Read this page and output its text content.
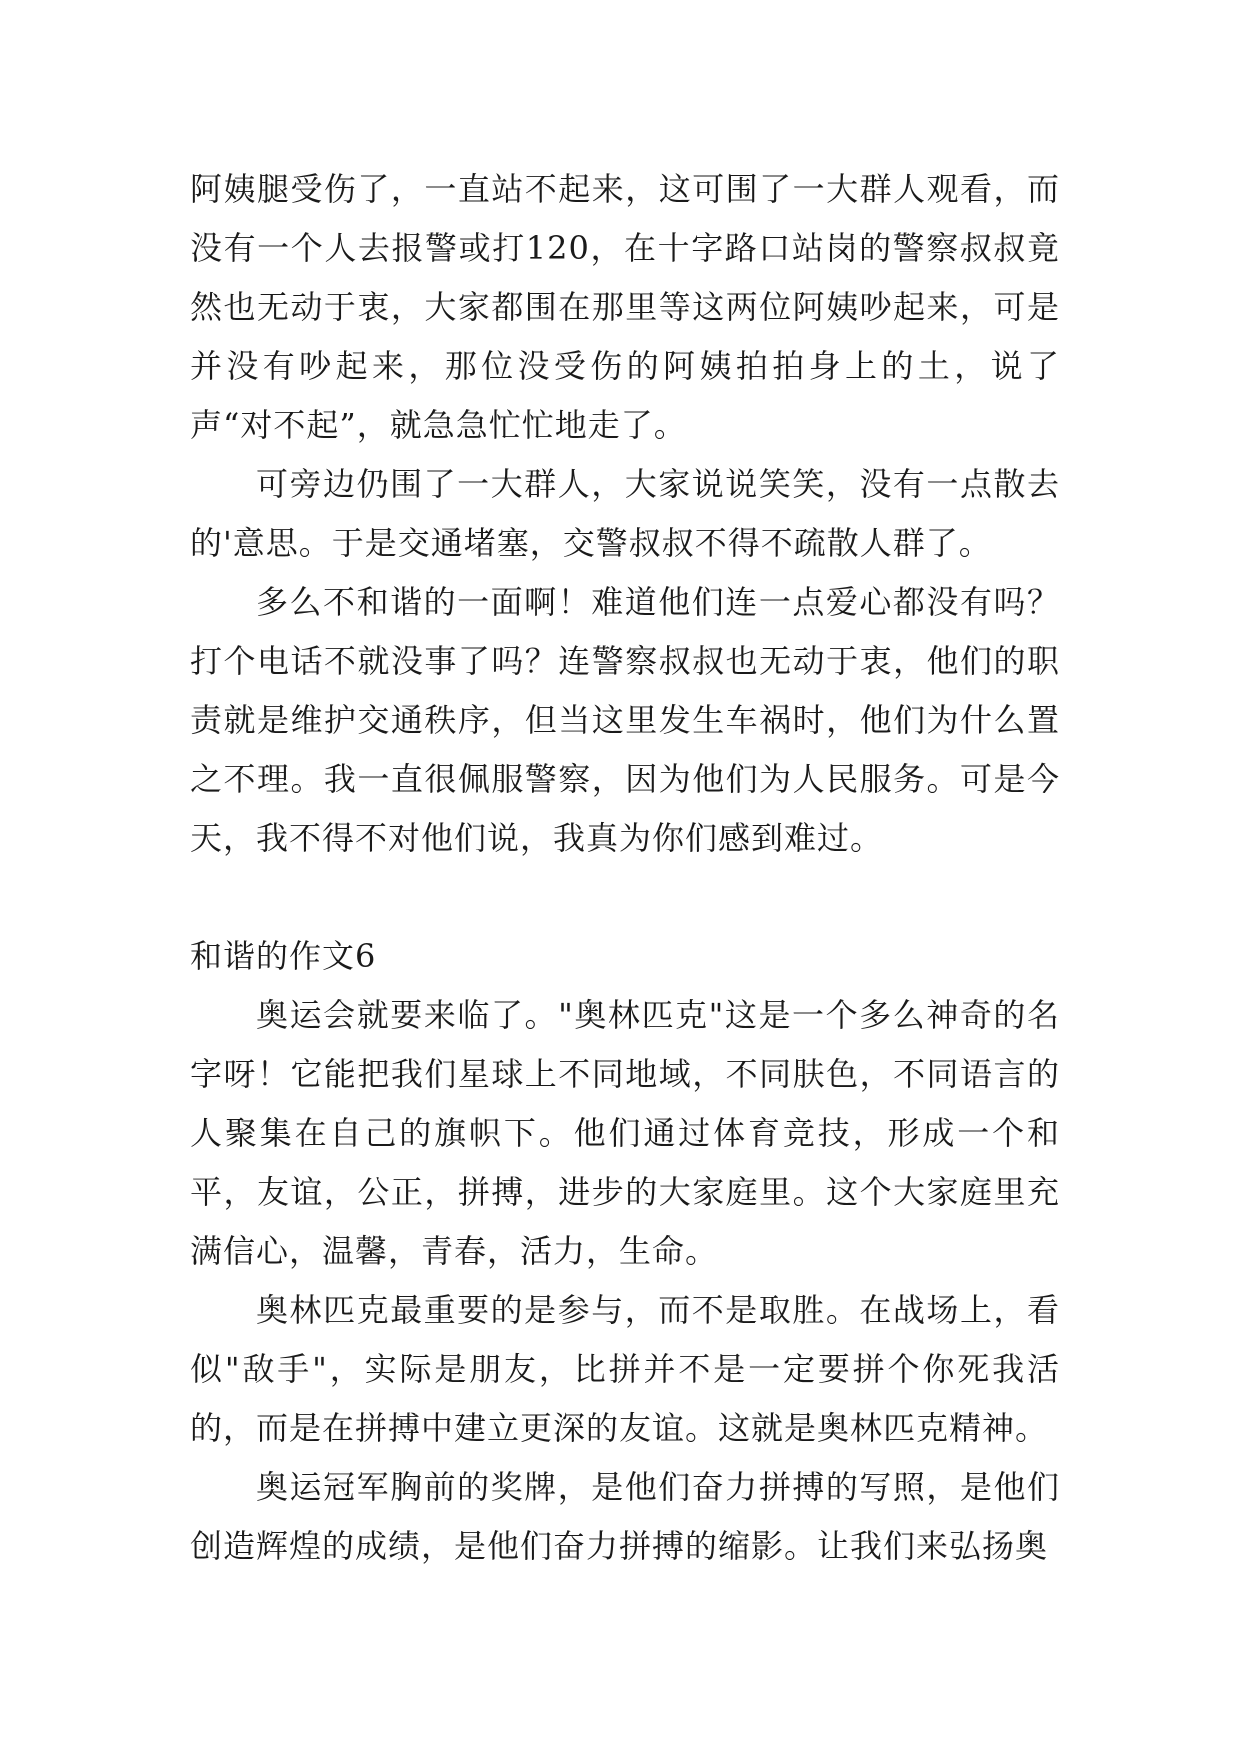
阿姨腿受伤了，一直站不起来，这可围了一大群人观看，而没有一个人去报警或打120，在十字路口站岗的警察叔叔竟然也无动于衷，大家都围在那里等这两位阿姨吵起来，可是并没有吵起来，那位没受伤的阿姨拍拍身上的土，说了声“对不起”，就急急忙忙地走了。

可旁边仍围了一大群人，大家说说笑笑，没有一点散去的'意思。于是交通堵塞，交警叔叔不得不疏散人群了。

多么不和谐的一面啊！难道他们连一点爱心都没有吗？打个电话不就没事了吗？连警察叔叔也无动于衷，他们的职责就是维护交通秩序，但当这里发生车祸时，他们为什么置之不理。我一直很佩服警察，因为他们为人民服务。可是今天，我不得不对他们说，我真为你们感到难过。

和谐的作文6

奥运会就要来临了。"奥林匹克"这是一个多么神奇的名字呀！它能把我们星球上不同地域，不同肤色，不同语言的人聚集在自己的旗帜下。他们通过体育竞技，形成一个和平，友谊，公正，拼搏，进步的大家庭里。这个大家庭里充满信心，温馨，青春，活力，生命。

奥林匹克最重要的是参与，而不是取胜。在战场上，看似"敌手"，实际是朋友，比拼并不是一定要拼个你死我活的，而是在拼搏中建立更深的友谊。这就是奥林匹克精神。

奥运冠军胸前的奖牌，是他们奋力拼搏的写照，是他们创造辉煌的成绩，是他们奋力拼搏的缩影。让我们来弘扬奥
